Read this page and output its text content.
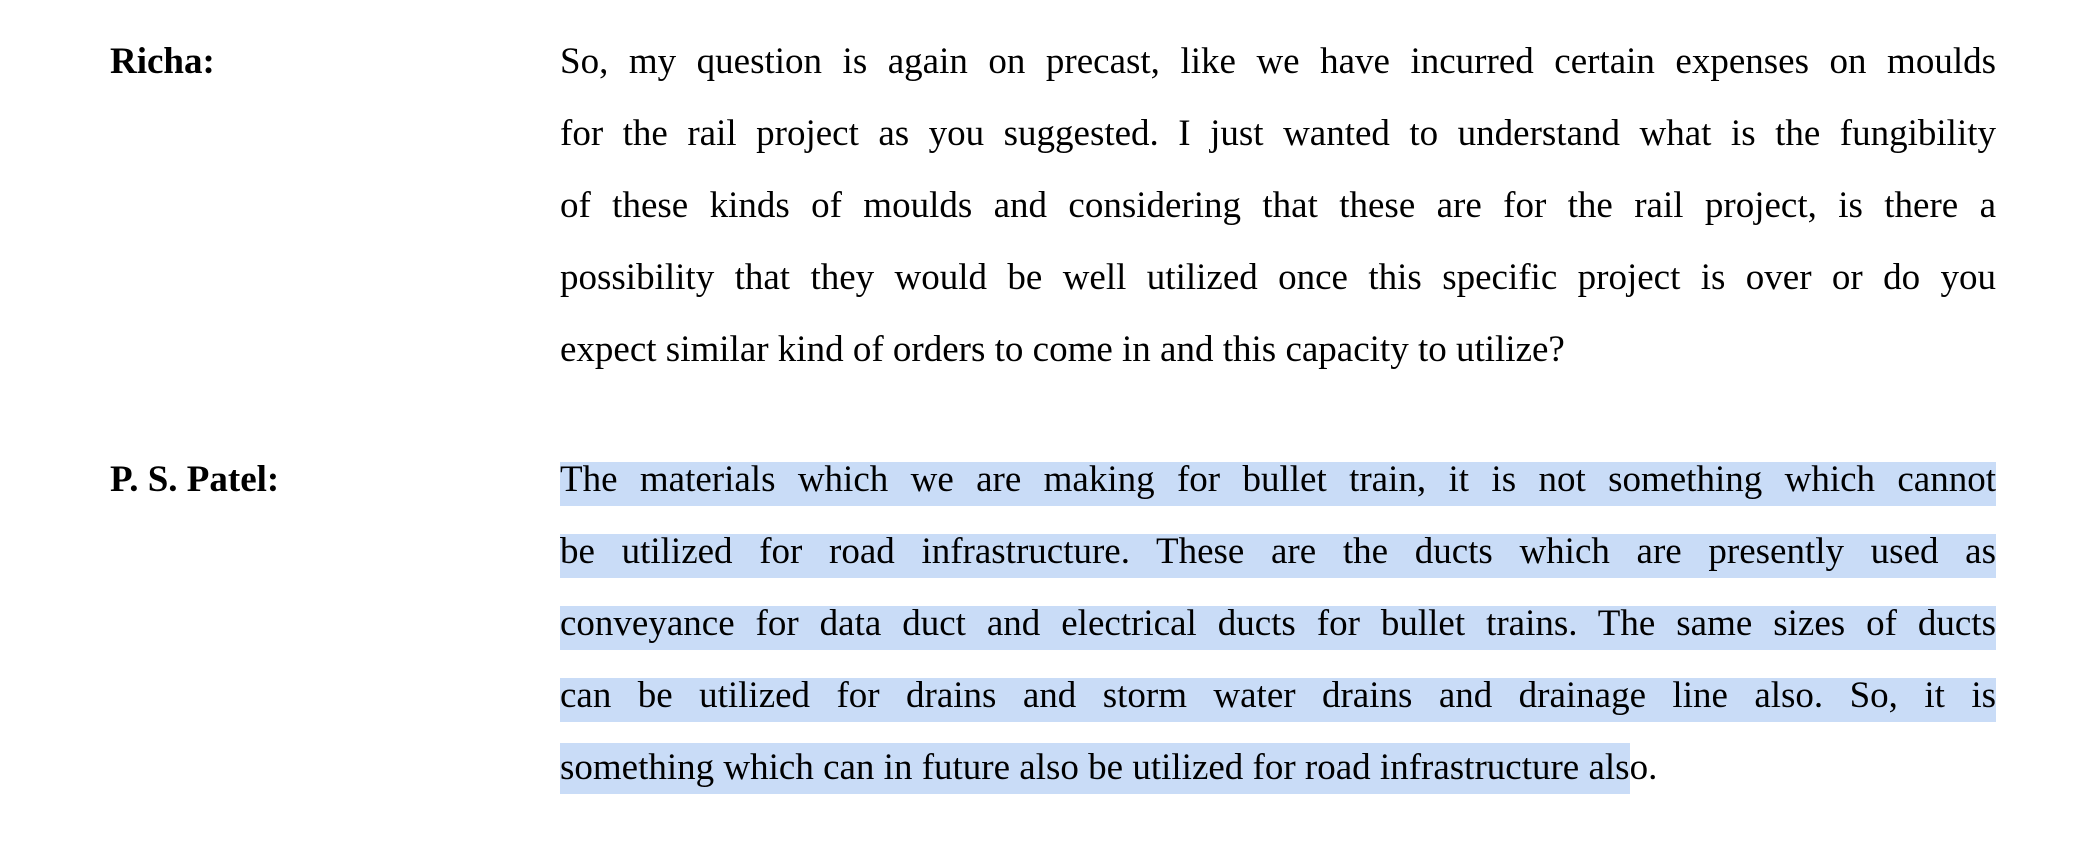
Richa:	So, my question is again on precast, like we have incurred certain expenses on moulds
for the rail project as you suggested. I just wanted to understand what is the fungibility
of these kinds of moulds and considering that these are for the rail project, is there a
possibility that they would be well utilized once this specific project is over or do you
expect similar kind of orders to come in and this capacity to utilize?
P. S. Patel:	The materials which we are making for bullet train, it is not something which cannot
be utilized for road infrastructure. These are the ducts which are presently used as
conveyance for data duct and electrical ducts for bullet trains. The same sizes of ducts
can be utilized for drains and storm water drains and drainage line also. So, it is
something which can in future also be utilized for road infrastructure also.
